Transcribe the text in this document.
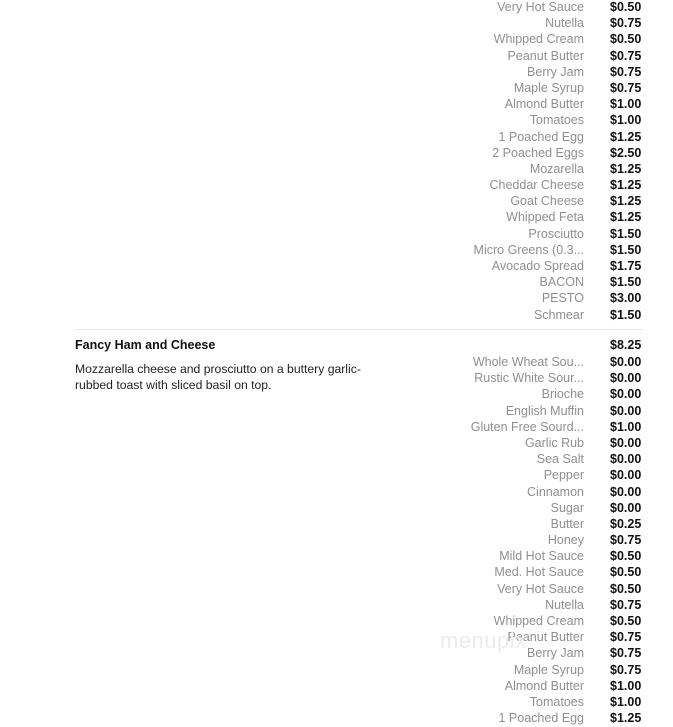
Very Hot Sauce $0.50
Nutella $0.75
Whipped Cream $0.50
Peanut Butter $0.75
Berry Jam $0.75
Maple Syrup $0.75
Almond Butter $1.00
Tomatoes $1.00
1 Poached Egg $1.25
2 Poached Eggs $2.50
Mozarella $1.25
Cheddar Cheese $1.25
Goat Cheese $1.25
Whipped Feta $1.25
Prosciutto $1.50
Micro Greens (0.3... $1.50
Avocado Spread $1.75
BACON $1.50
PESTO $3.00
Schmear $1.50
Fancy Ham and Cheese	$8.25
Mozzarella cheese and prosciutto on a buttery garlic-rubbed toast with sliced basil on top.
Whole Wheat Sou... $0.00
Rustic White Sour... $0.00
Brioche $0.00
English Muffin $0.00
Gluten Free Sourd... $1.00
Garlic Rub $0.00
Sea Salt $0.00
Pepper $0.00
Cinnamon $0.00
Sugar $0.00
Butter $0.25
Honey $0.75
Mild Hot Sauce $0.50
Med. Hot Sauce $0.50
Very Hot Sauce $0.50
Nutella $0.75
Whipped Cream $0.50
Peanut Butter $0.75
Berry Jam $0.75
Maple Syrup $0.75
Almond Butter $1.00
Tomatoes $1.00
1 Poached Egg $1.25
menupix
